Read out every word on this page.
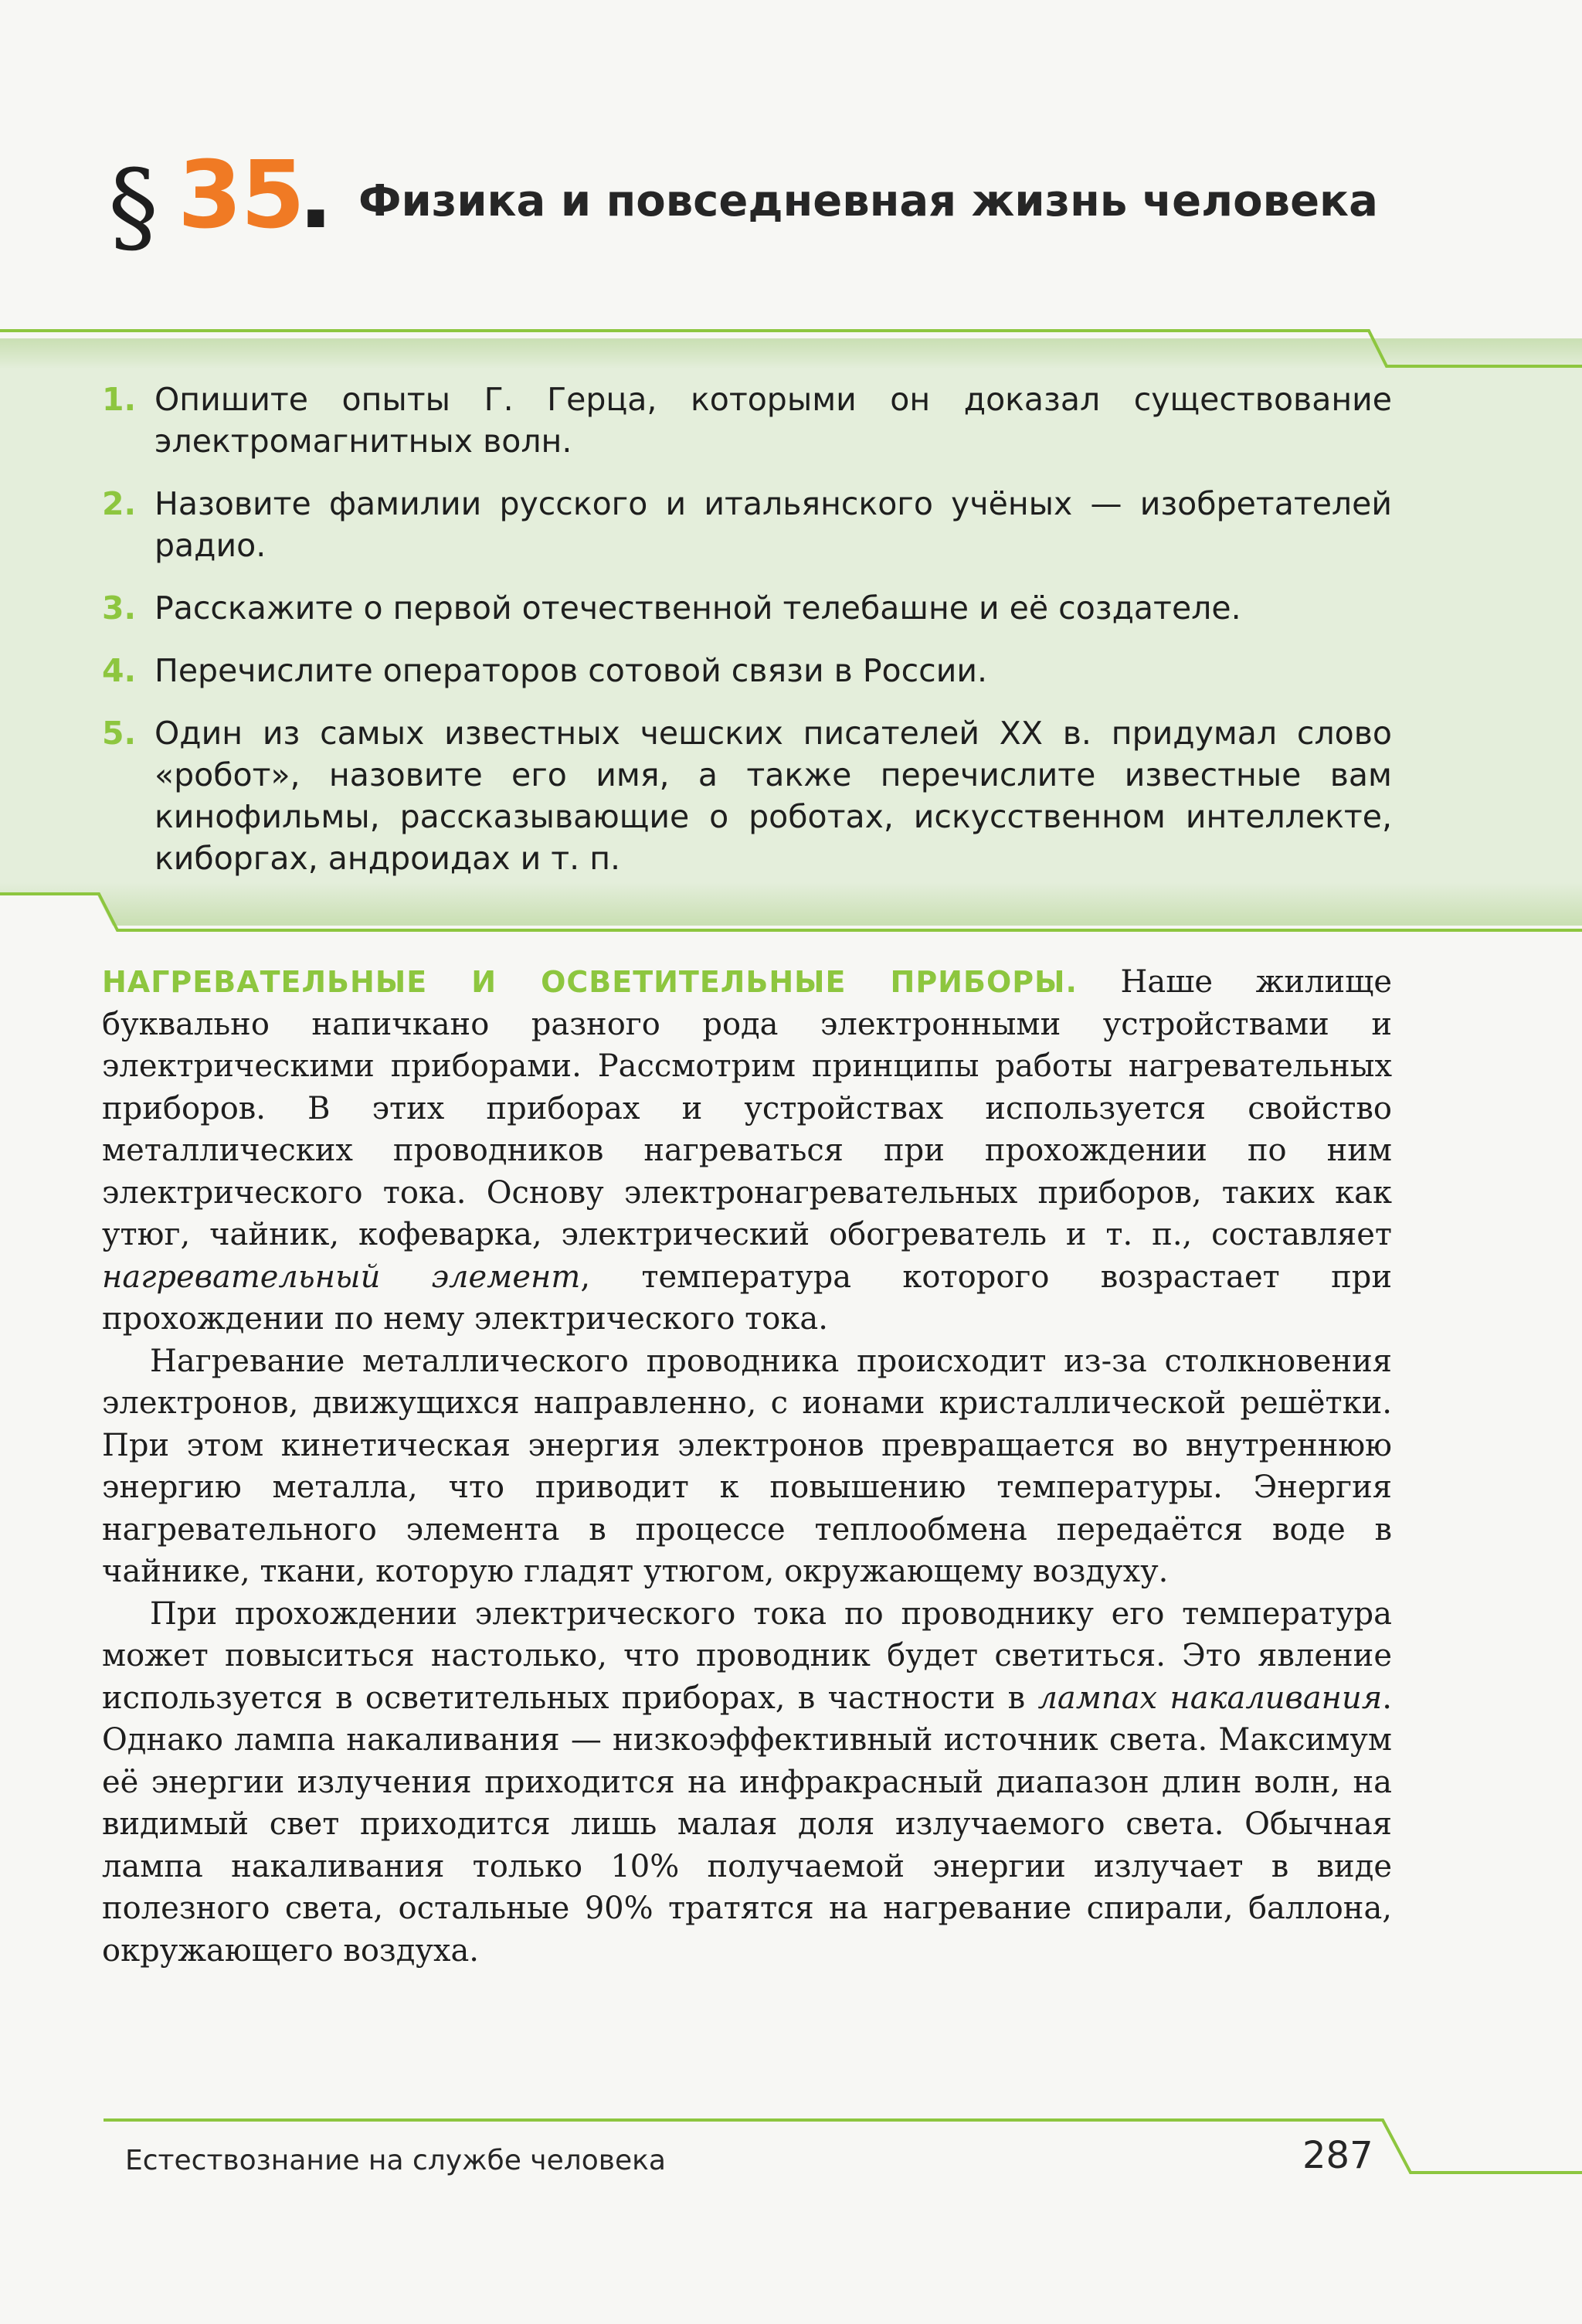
§ 35
. Физика и повседневная жизнь человека
1. Опишите опыты Г. Герца, которыми он доказал существование электромагнитных волн.
2. Назовите фамилии русского и итальянского учёных — изобретателей радио.
3. Расскажите о первой отечественной телебашне и её создателе.
4. Перечислите операторов сотовой связи в России.
5. Один из самых известных чешских писателей XX в. придумал слово «робот», назовите его имя, а также перечислите известные вам кинофильмы, рассказывающие о роботах, искусственном интеллекте, киборгах, андроидах и т. п.

НАГРЕВАТЕЛЬНЫЕ И ОСВЕТИТЕЛЬНЫЕ ПРИБОРЫ. Наше жилище буквально напичкано разного рода электронными устройствами и электрическими приборами. Рассмотрим принципы работы нагревательных приборов. В этих приборах и устройствах используется свойство металлических проводников нагреваться при прохождении по ним электрического тока. Основу электронагревательных приборов, таких как утюг, чайник, кофеварка, электрический обогреватель и т. п., составляет нагревательный элемент, температура которого возрастает при прохождении по нему электрического тока.

Нагревание металлического проводника происходит из-за столкновения электронов, движущихся направленно, с ионами кристаллической решётки. При этом кинетическая энергия электронов превращается во внутреннюю энергию металла, что приводит к повышению температуры. Энергия нагревательного элемента в процессе теплообмена передаётся воде в чайнике, ткани, которую гладят утюгом, окружающему воздуху.

При прохождении электрического тока по проводнику его температура может повыситься настолько, что проводник будет светиться. Это явление используется в осветительных приборах, в частности в лампах накаливания. Однако лампа накаливания — низкоэффективный источник света. Максимум её энергии излучения приходится на инфракрасный диапазон длин волн, на видимый свет приходится лишь малая доля излучаемого света. Обычная лампа накаливания только 10% получаемой энергии излучает в виде полезного света, остальные 90% тратятся на нагревание спирали, баллона, окружающего воздуха.

Естествознание на службе человека	287
